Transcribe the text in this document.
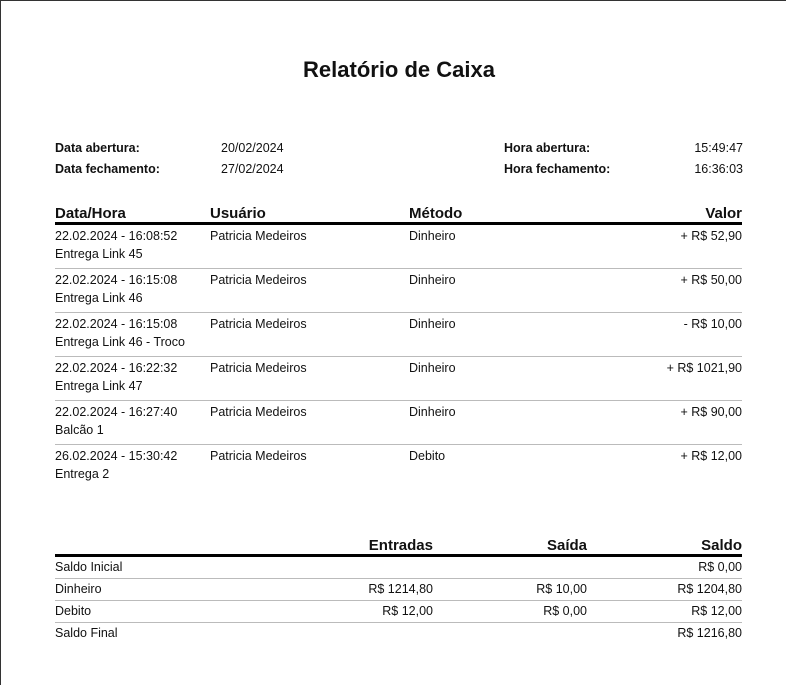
Relatório de Caixa
Data abertura:	20/02/2024	Hora abertura:	15:49:47
Data fechamento:	27/02/2024	Hora fechamento:	16:36:03
Data/Hora	Usuário	Método	Valor
22.02.2024 - 16:08:52	Patricia Medeiros	Dinheiro	+ R$ 52,90
Entrega Link 45			
22.02.2024 - 16:15:08	Patricia Medeiros	Dinheiro	+ R$ 50,00
Entrega Link 46			
22.02.2024 - 16:15:08	Patricia Medeiros	Dinheiro	- R$ 10,00
Entrega Link 46 - Troco			
22.02.2024 - 16:22:32	Patricia Medeiros	Dinheiro	+ R$ 1021,90
Entrega Link 47			
22.02.2024 - 16:27:40	Patricia Medeiros	Dinheiro	+ R$ 90,00
Balcão 1			
26.02.2024 - 15:30:42	Patricia Medeiros	Debito	+ R$ 12,00
Entrega 2			
	Entradas	Saída	Saldo
Saldo Inicial			R$ 0,00
Dinheiro	R$ 1214,80	R$ 10,00	R$ 1204,80
Debito	R$ 12,00	R$ 0,00	R$ 12,00
Saldo Final			R$ 1216,80
